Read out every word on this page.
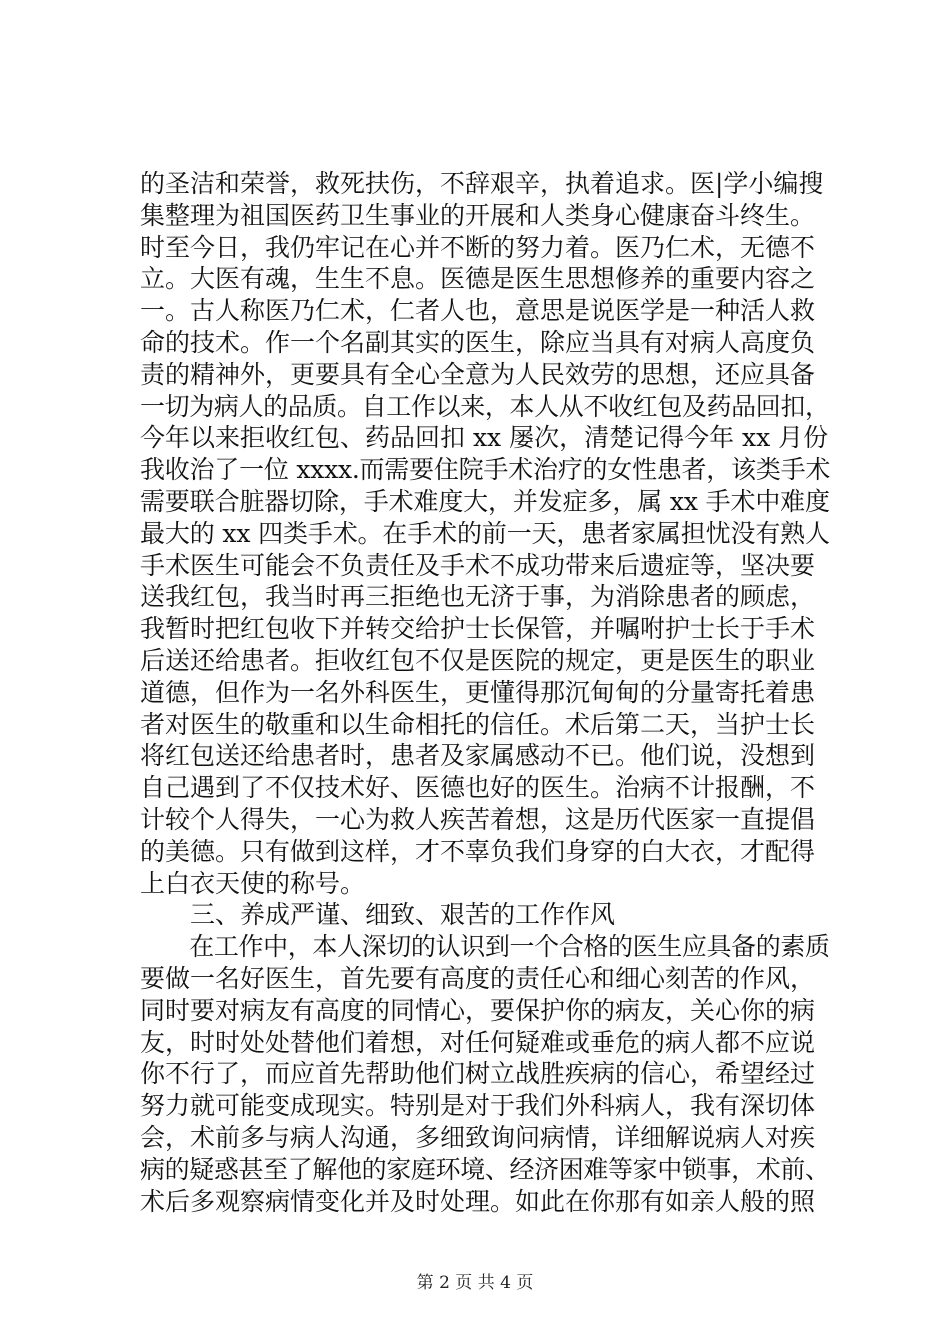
的圣洁和荣誉，救死扶伤，不辞艰辛，执着追求。医|学小编搜
集整理为祖国医药卫生事业的开展和人类身心健康奋斗终生。
时至今日，我仍牢记在心并不断的努力着。医乃仁术，无德不
立。大医有魂，生生不息。医德是医生思想修养的重要内容之
一。古人称医乃仁术，仁者人也，意思是说医学是一种活人救
命的技术。作一个名副其实的医生，除应当具有对病人高度负
责的精神外，更要具有全心全意为人民效劳的思想，还应具备
一切为病人的品质。自工作以来，本人从不收红包及药品回扣，
今年以来拒收红包、药品回扣 xx 屡次，清楚记得今年 xx 月份
我收治了一位 xxxx.而需要住院手术治疗的女性患者，该类手术
需要联合脏器切除，手术难度大，并发症多，属 xx 手术中难度
最大的 xx 四类手术。在手术的前一天，患者家属担忧没有熟人
手术医生可能会不负责任及手术不成功带来后遗症等，坚决要
送我红包，我当时再三拒绝也无济于事，为消除患者的顾虑，
我暂时把红包收下并转交给护士长保管，并嘱咐护士长于手术
后送还给患者。拒收红包不仅是医院的规定，更是医生的职业
道德，但作为一名外科医生，更懂得那沉甸甸的分量寄托着患
者对医生的敬重和以生命相托的信任。术后第二天，当护士长
将红包送还给患者时，患者及家属感动不已。他们说，没想到
自己遇到了不仅技术好、医德也好的医生。治病不计报酬，不
计较个人得失，一心为救人疾苦着想，这是历代医家一直提倡
的美德。只有做到这样，才不辜负我们身穿的白大衣，才配得
上白衣天使的称号。
　　三、养成严谨、细致、艰苦的工作作风
　　在工作中，本人深切的认识到一个合格的医生应具备的素质
要做一名好医生，首先要有高度的责任心和细心刻苦的作风，
同时要对病友有高度的同情心，要保护你的病友，关心你的病
友，时时处处替他们着想，对任何疑难或垂危的病人都不应说
你不行了，而应首先帮助他们树立战胜疾病的信心，希望经过
努力就可能变成现实。特别是对于我们外科病人，我有深切体
会，术前多与病人沟通，多细致询问病情，详细解说病人对疾
病的疑惑甚至了解他的家庭环境、经济困难等家中锁事，术前、
术后多观察病情变化并及时处理。如此在你那有如亲人般的照
第 2 页 共 4 页
